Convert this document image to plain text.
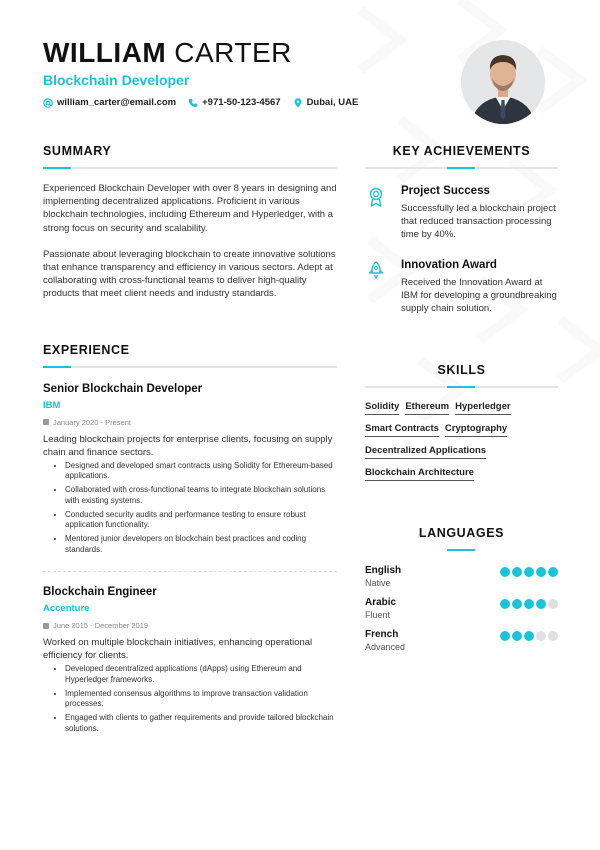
WILLIAM CARTER
Blockchain Developer
william_carter@email.com	+971-50-123-4567	Dubai, UAE
SUMMARY

Experienced Blockchain Developer with over 8 years in designing and implementing decentralized applications. Proficient in various blockchain technologies, including Ethereum and Hyperledger, with a strong focus on security and scalability.

Passionate about leveraging blockchain to create innovative solutions that enhance transparency and efficiency in various sectors. Adept at collaborating with cross-functional teams to deliver high-quality products that meet client needs and industry standards.

EXPERIENCE
Senior Blockchain Developer
IBM
January 2020 - Present

Leading blockchain projects for enterprise clients, focusing on supply chain and finance sectors.

• Designed and developed smart contracts using Solidity for Ethereum-based applications.
• Collaborated with cross-functional teams to integrate blockchain solutions with existing systems.
• Conducted security audits and performance testing to ensure robust application functionality.
• Mentored junior developers on blockchain best practices and coding standards.
Blockchain Engineer
Accenture
June 2015 - December 2019

Worked on multiple blockchain initiatives, enhancing operational efficiency for clients.

• Developed decentralized applications (dApps) using Ethereum and Hyperledger frameworks.
• Implemented consensus algorithms to improve transaction validation processes.
• Engaged with clients to gather requirements and provide tailored blockchain solutions.
KEY ACHIEVEMENTS
Project Success
Successfully led a blockchain project that reduced transaction processing time by 40%.
Innovation Award
Received the Innovation Award at IBM for developing a groundbreaking supply chain solution.
SKILLS
Solidity Ethereum Hyperledger
Smart Contracts Cryptography
Decentralized Applications
Blockchain Architecture
LANGUAGES
English
Native
Arabic
Fluent
French
Advanced
